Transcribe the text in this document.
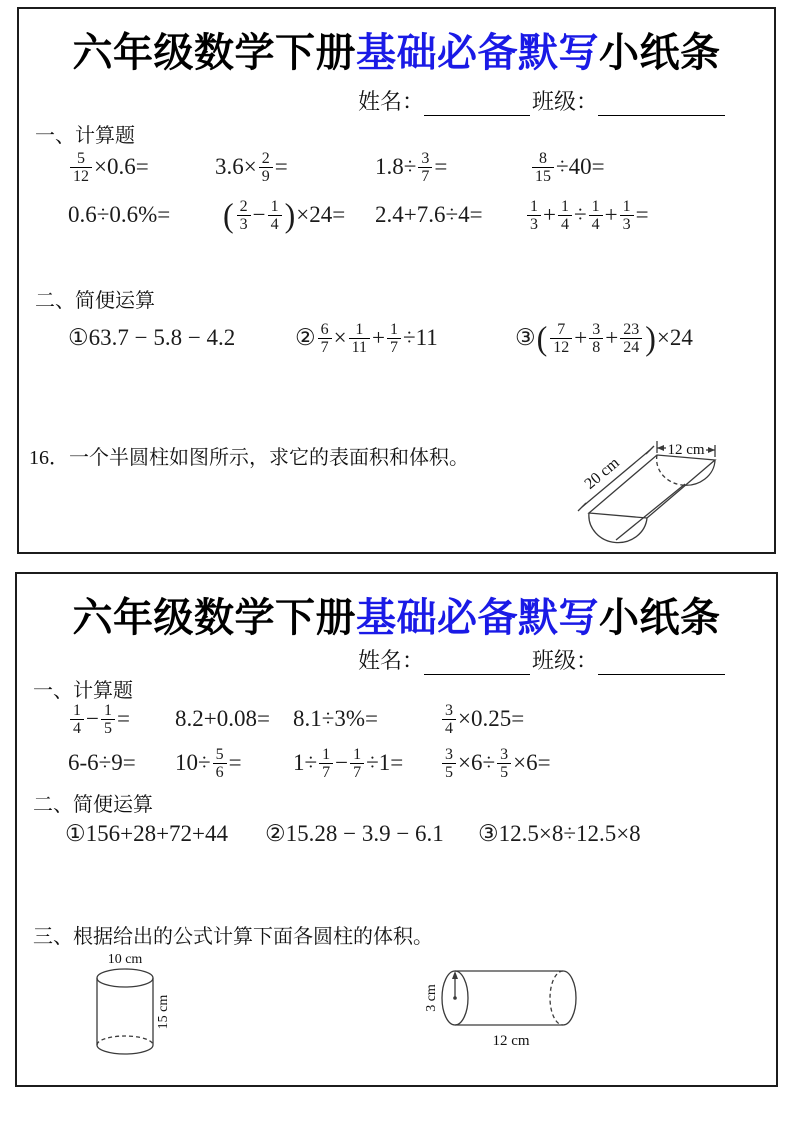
六年级数学下册基础必备默写小纸条
姓名：	班级：
一、计算题
$\frac{5}{12} \times 0.6=$	$3.6\times \frac{2}{9}$ =	$1.8\div \frac{3}{7}$ =	$\frac{8}{15} \div 40=$
0.6÷0.6%= ( $\frac{2}{3} - \frac{1}{4}$ ) ×24= 2.4+7.6÷4=	$\frac{1}{3} + \frac{1}{4} \div \frac{1}{4} + \frac{1}{3}$ =
二、简便运算
①63.7 − 5.8 − 4.2	② $\frac{6}{7} \times \frac{1}{11} + \frac{1}{7} \div 11$	③ ( $\frac{7}{12} + \frac{3}{8} + \frac{23}{24}$ ) ×24
16．一个半圆柱如图所示，求它的表面积和体积。	20 cm
12 cm
六年级数学下册基础必备默写小纸条
姓名：	班级：
一、计算题
$\frac{1}{4} - \frac{1}{5} = 8.2+0.08= 8.1\div 3\%=$	$\frac{3}{4} \times 0.25=$
$6-6\div 9= 10\div \frac{5}{6} = 1\div \frac{1}{7} - \frac{1}{7} \div 1= \frac{3}{5} \times 6\div \frac{3}{5} \times 6=$
二、简便运算
①156+28+72+44 ②15.28 − 3.9 − 6.1 ③12.5×8÷12.5×8
三、根据给出的公式计算下面各圆柱的体积。
10 cm
15 cm	3 cm
12 cm
